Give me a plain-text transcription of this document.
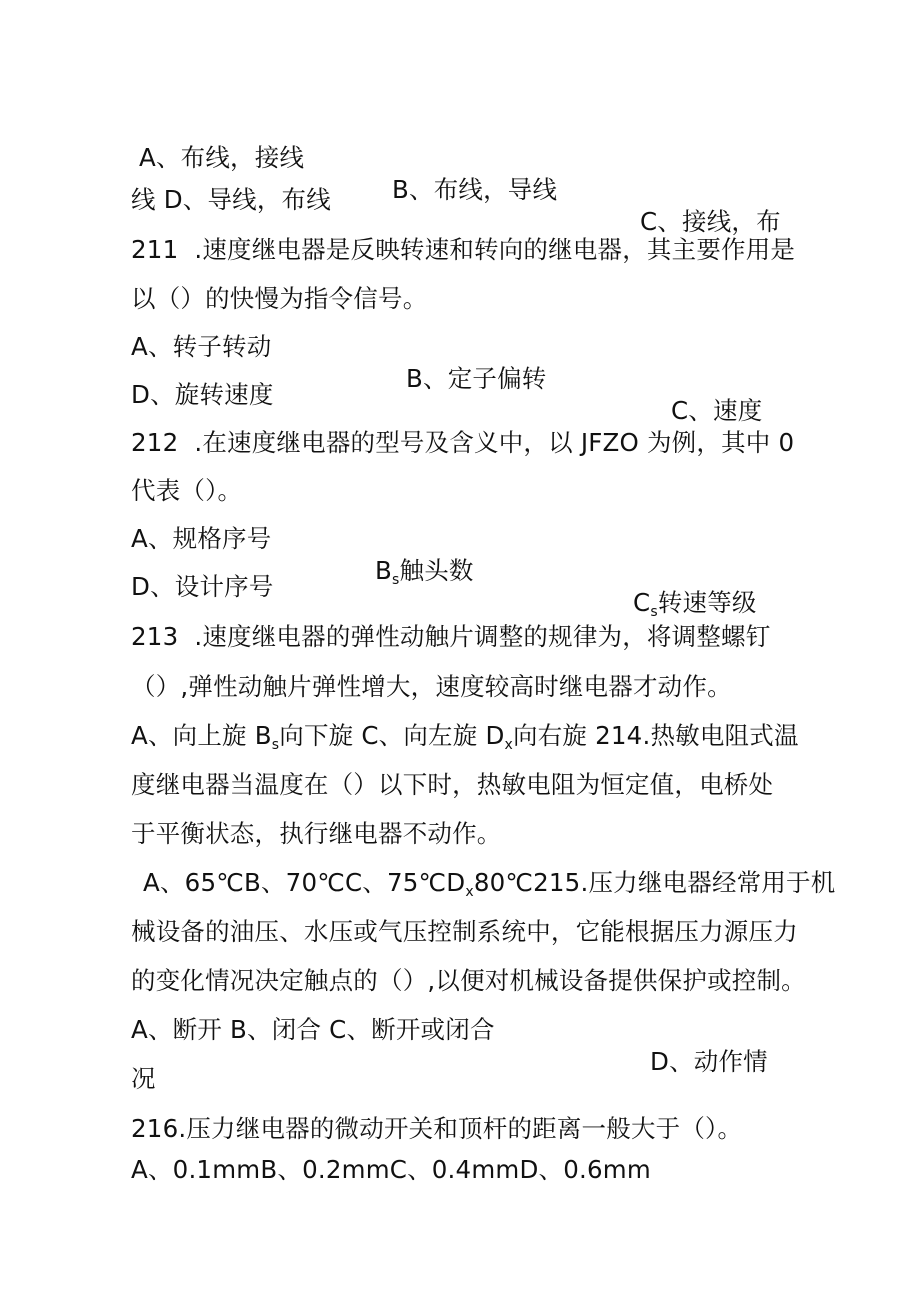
A、布线，接线

B、布线，导线

C、接线，布

线 D、导线，布线

211  .速度继电器是反映转速和转向的继电器，其主要作用是

以（）的快慢为指令信号。

A、转子转动

B、定子偏转

C、速度

D、旋转速度

212  .在速度继电器的型号及含义中，以 JFZO 为例，其中 0

代表（）。

A、规格序号

$B_s$触头数

$C_s$转速等级

D、设计序号

213  .速度继电器的弹性动触片调整的规律为，将调整螺钉

（）,弹性动触片弹性增大，速度较高时继电器才动作。

A、向上旋 $B_s$向下旋 C、向左旋 $D_x$向右旋 214.热敏电阻式温

度继电器当温度在（）以下时，热敏电阻为恒定值，电桥处

于平衡状态，执行继电器不动作。

A、65℃B、70℃C、$75℃D_x80℃215$.压力继电器经常用于机

械设备的油压、水压或气压控制系统中，它能根据压力源压力

的变化情况决定触点的（）,以便对机械设备提供保护或控制。

A、断开 B、闭合 C、断开或闭合

D、动作情

况

216.压力继电器的微动开关和顶杆的距离一般大于（）。

A、0.1mmB、0.2mmC、0.4mmD、0.6mm
